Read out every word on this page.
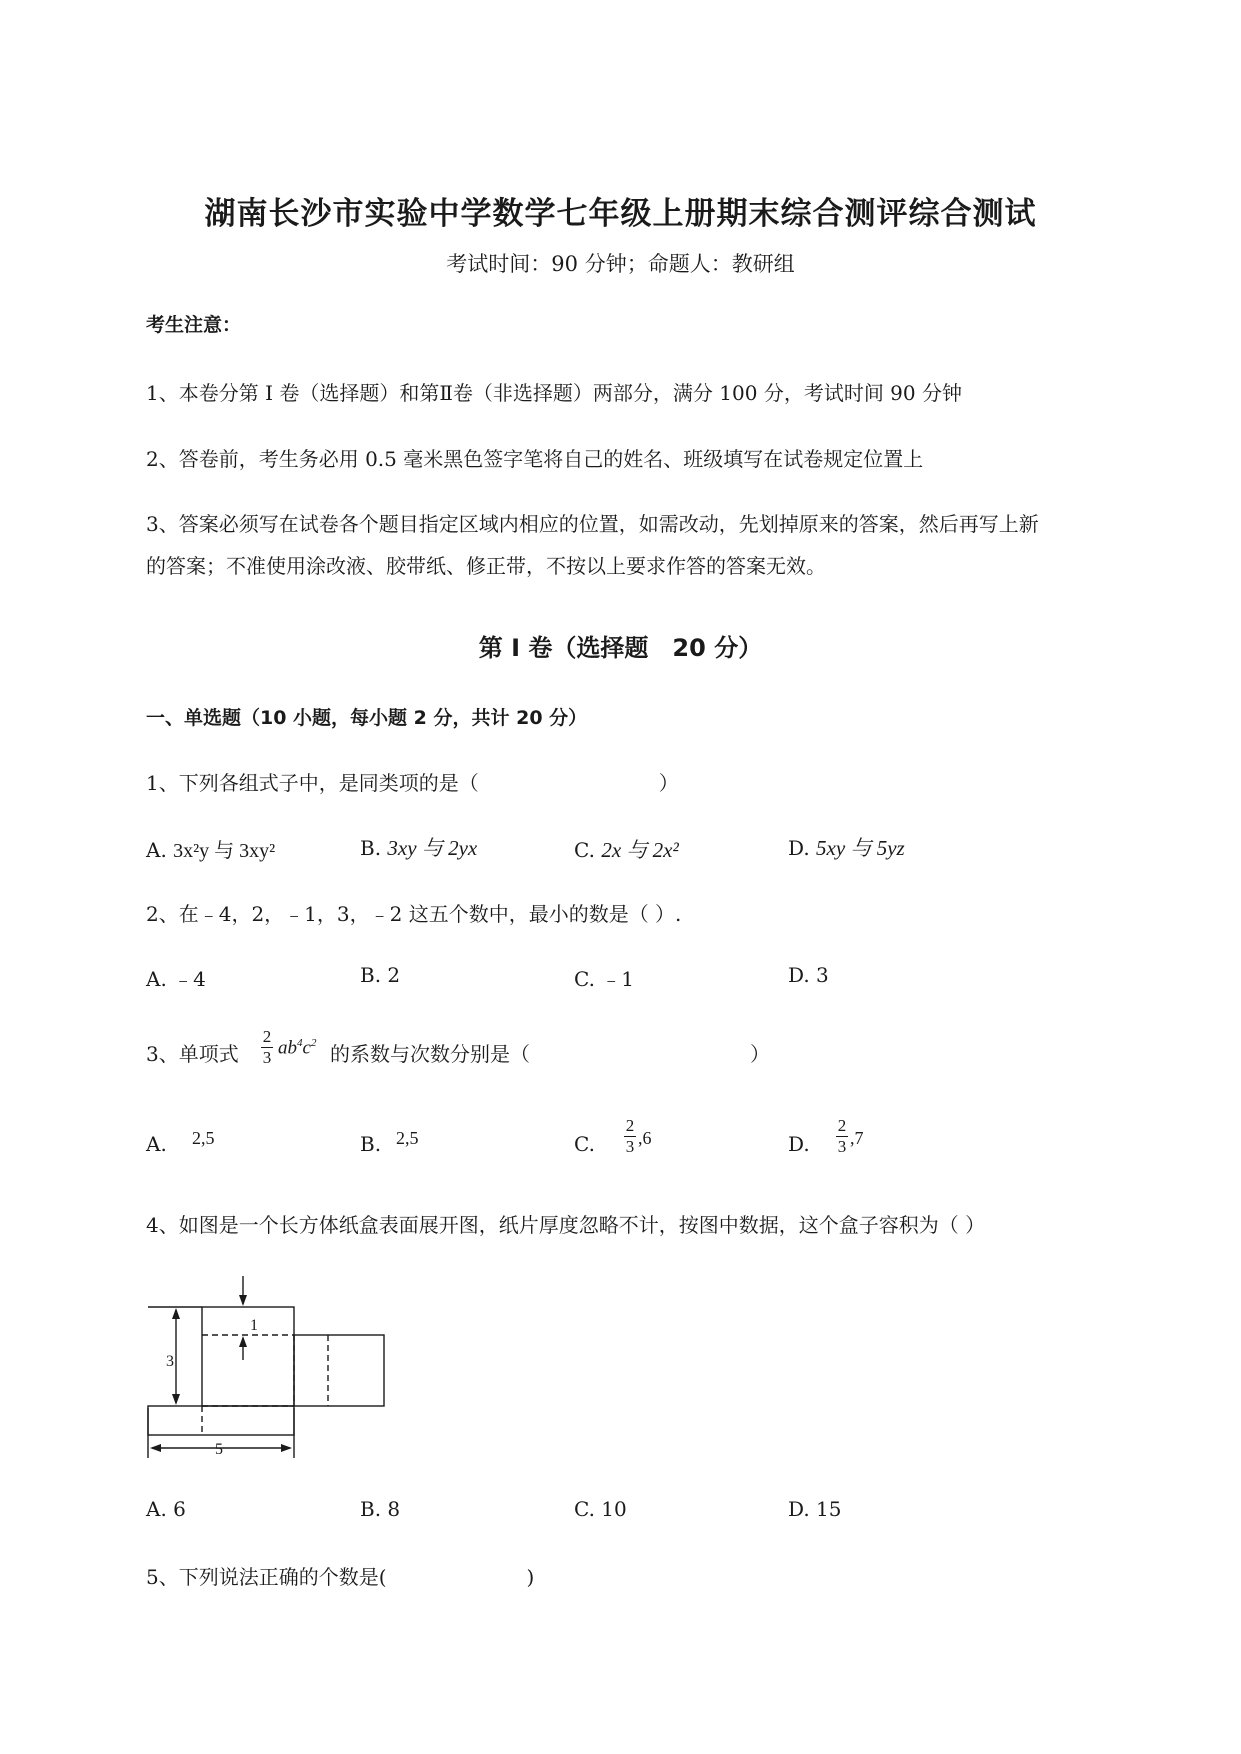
湖南长沙市实验中学数学七年级上册期末综合测评综合测试
考试时间：90 分钟；命题人：教研组
考生注意：
1、本卷分第 I 卷（选择题）和第Ⅱ卷（非选择题）两部分，满分 100 分，考试时间 90 分钟
2、答卷前，考生务必用 0.5 毫米黑色签字笔将自己的姓名、班级填写在试卷规定位置上
3、答案必须写在试卷各个题目指定区域内相应的位置，如需改动，先划掉原来的答案，然后再写上新
的答案；不准使用涂改液、胶带纸、修正带，不按以上要求作答的答案无效。
第 I 卷（选择题　20 分）
一、单选题（10 小题，每小题 2 分，共计 20 分）
1、下列各组式子中，是同类项的是（　　　　　　　　　）
A. 3x²y 与 3xy²	B. 3xy 与 2yx	C. 2x 与 2x²	D. 5xy 与 5yz
2、在﹣4，2，﹣1，3，﹣2 这五个数中，最小的数是（ ）.
A. ﹣4	B. 2	C. ﹣1	D. 3
3、单项式
2
3 $ab^4c^2$ 的系数与次数分别是（　　　　　　　　　　　）
A. 2,5	B. 2,5	C.
2
3 ,6	D.
2
3 ,7
4、如图是一个长方体纸盒表面展开图，纸片厚度忽略不计，按图中数据，这个盒子容积为（ ）
1
3
5
A. 6	B. 8	C. 10	D. 15
5、下列说法正确的个数是(　　　　　　　)
